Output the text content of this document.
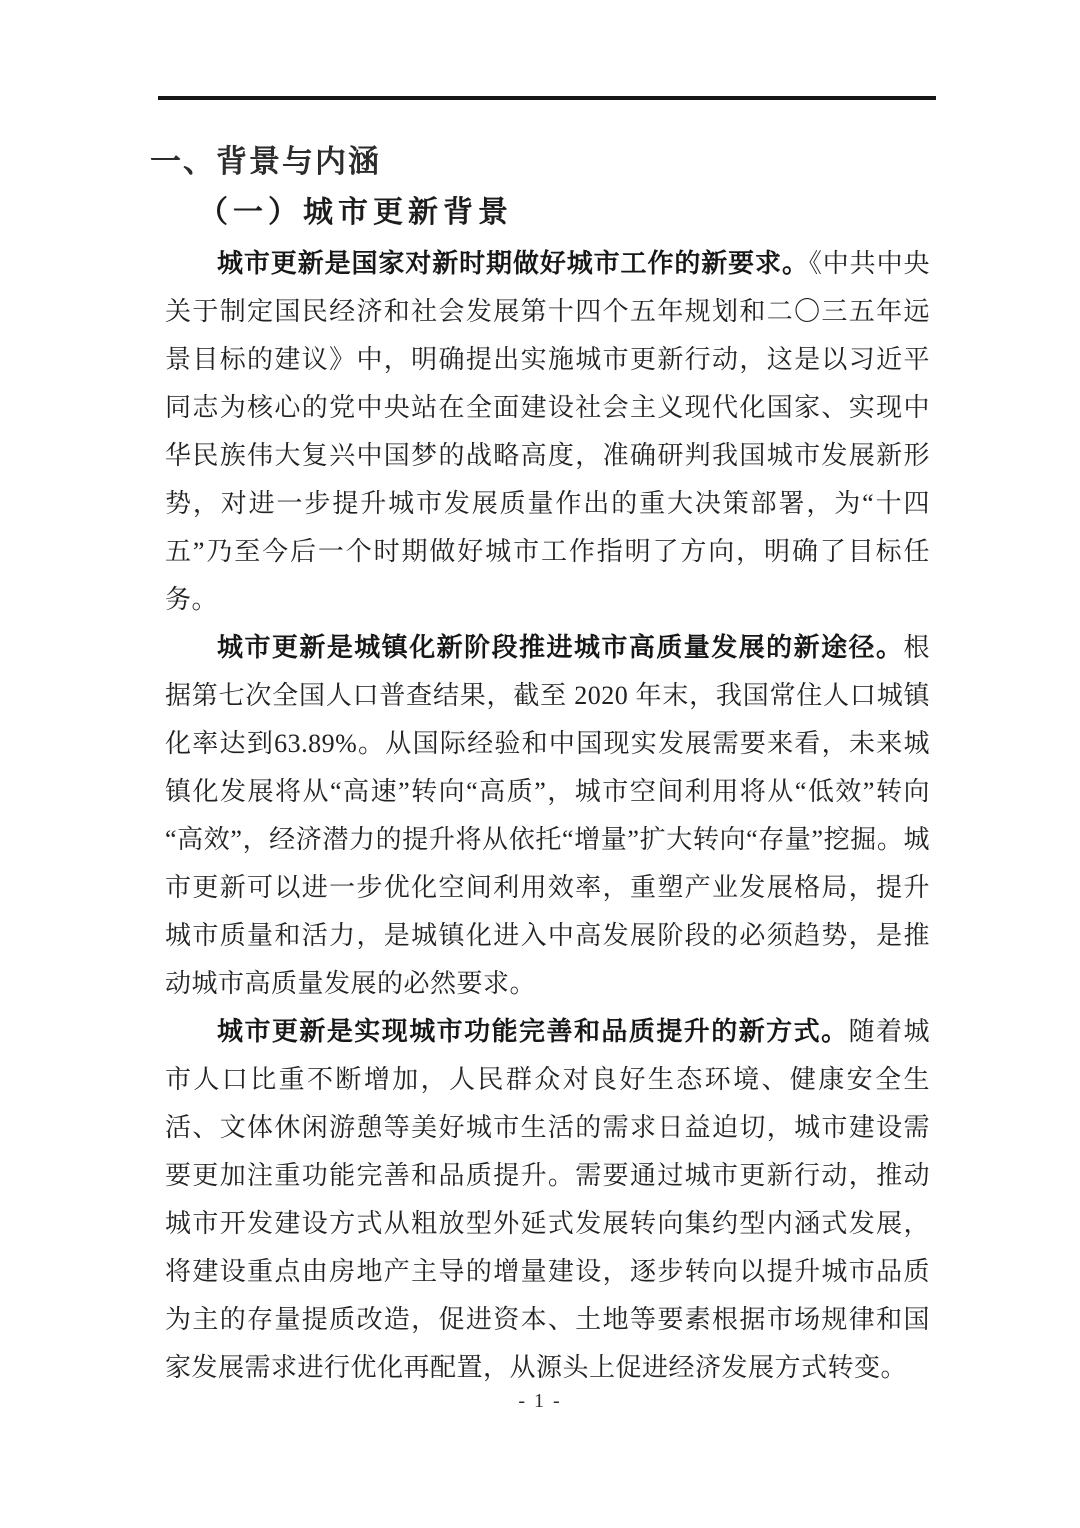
一、背景与内涵
（一）城市更新背景

城市更新是国家对新时期做好城市工作的新要求。《中共中央关于制定国民经济和社会发展第十四个五年规划和二〇三五年远景目标的建议》中，明确提出实施城市更新行动，这是以习近平同志为核心的党中央站在全面建设社会主义现代化国家、实现中华民族伟大复兴中国梦的战略高度，准确研判我国城市发展新形势，对进一步提升城市发展质量作出的重大决策部署，为“十四五”乃至今后一个时期做好城市工作指明了方向，明确了目标任务。

城市更新是城镇化新阶段推进城市高质量发展的新途径。根据第七次全国人口普查结果，截至 2020 年末，我国常住人口城镇化率达到63.89%。从国际经验和中国现实发展需要来看，未来城镇化发展将从“高速”转向“高质”，城市空间利用将从“低效”转向“高效”，经济潜力的提升将从依托“增量”扩大转向“存量”挖掘。城市更新可以进一步优化空间利用效率，重塑产业发展格局，提升城市质量和活力，是城镇化进入中高发展阶段的必须趋势，是推动城市高质量发展的必然要求。

城市更新是实现城市功能完善和品质提升的新方式。随着城市人口比重不断增加，人民群众对良好生态环境、健康安全生活、文体休闲游憩等美好城市生活的需求日益迫切，城市建设需要更加注重功能完善和品质提升。需要通过城市更新行动，推动城市开发建设方式从粗放型外延式发展转向集约型内涵式发展，将建设重点由房地产主导的增量建设，逐步转向以提升城市品质为主的存量提质改造，促进资本、土地等要素根据市场规律和国家发展需求进行优化再配置，从源头上促进经济发展方式转变。

- 1 -
